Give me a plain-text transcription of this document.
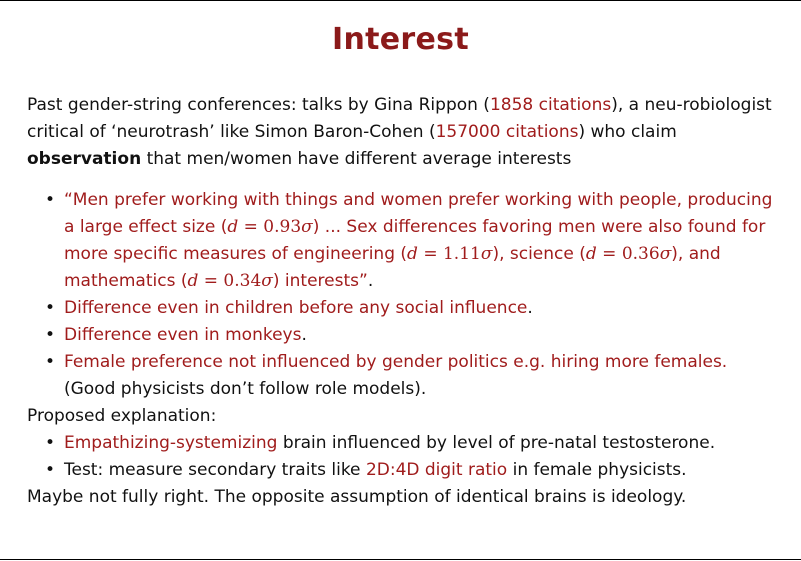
Interest

Past gender-string conferences: talks by Gina Rippon (1858 citations), a neu-robiologist critical of ‘neurotrash’ like Simon Baron-Cohen (157000 citations) who claim observation that men/women have different average interests

• “Men prefer working with things and women prefer working with people, producing a large effect size (d = 0.93σ) ... Sex differences favoring men were also found for more specific measures of engineering (d = 1.11σ), science (d = 0.36σ), and mathematics (d = 0.34σ) interests”.
• Difference even in children before any social influence.
• Difference even in monkeys.
• Female preference not influenced by gender politics e.g. hiring more females. (Good physicists don’t follow role models).

Proposed explanation:

• Empathizing-systemizing brain influenced by level of pre-natal testosterone.
• Test: measure secondary traits like 2D:4D digit ratio in female physicists.

Maybe not fully right. The opposite assumption of identical brains is ideology.
